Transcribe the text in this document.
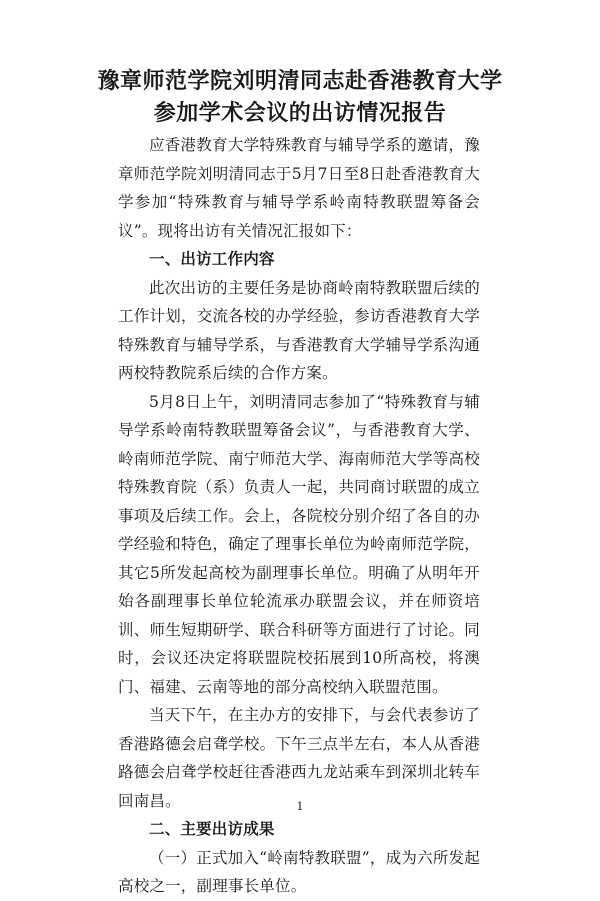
豫章师范学院刘明清同志赴香港教育大学
参加学术会议的出访情况报告

应香港教育大学特殊教育与辅导学系的邀请，豫章师范学院刘明清同志于5月7日至8日赴香港教育大学参加“特殊教育与辅导学系岭南特教联盟筹备会议”。现将出访有关情况汇报如下：

一、出访工作内容

此次出访的主要任务是协商岭南特教联盟后续的工作计划，交流各校的办学经验，参访香港教育大学特殊教育与辅导学系，与香港教育大学辅导学系沟通两校特教院系后续的合作方案。

5月8日上午，刘明清同志参加了“特殊教育与辅导学系岭南特教联盟筹备会议”，与香港教育大学、岭南师范学院、南宁师范大学、海南师范大学等高校特殊教育院（系）负责人一起，共同商讨联盟的成立事项及后续工作。会上，各院校分别介绍了各自的办学经验和特色，确定了理事长单位为岭南师范学院，其它5所发起高校为副理事长单位。明确了从明年开始各副理事长单位轮流承办联盟会议，并在师资培训、师生短期研学、联合科研等方面进行了讨论。同时，会议还决定将联盟院校拓展到10所高校，将澳门、福建、云南等地的部分高校纳入联盟范围。

当天下午，在主办方的安排下，与会代表参访了香港路德会启聋学校。下午三点半左右，本人从香港路德会启聋学校赶往香港西九龙站乘车到深圳北转车回南昌。

二、主要出访成果

（一）正式加入“岭南特教联盟”，成为六所发起高校之一，副理事长单位。

1
